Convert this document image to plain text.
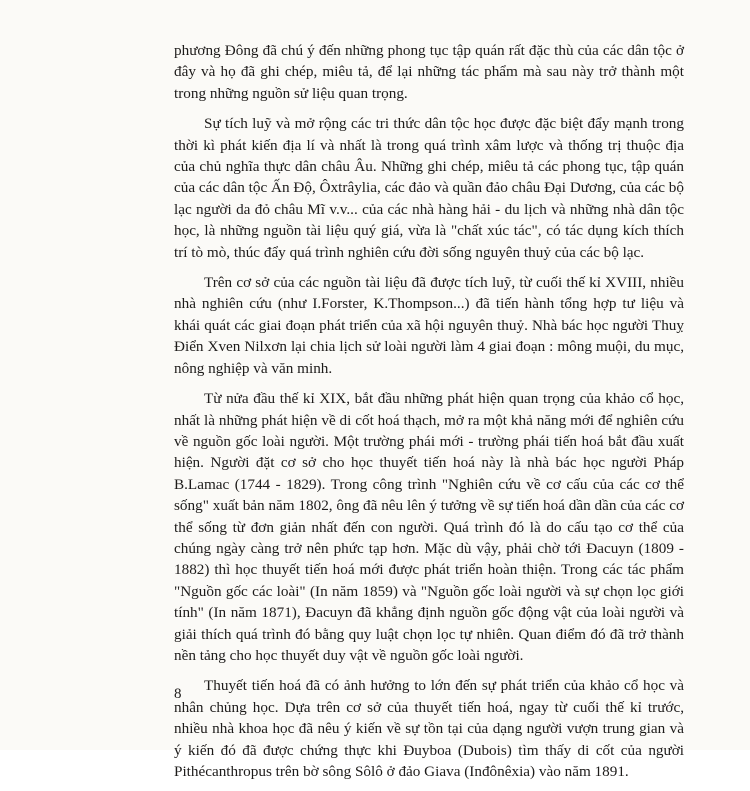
phương Đông đã chú ý đến những phong tục tập quán rất đặc thù của các dân tộc ở đây và họ đã ghi chép, miêu tả, để lại những tác phẩm mà sau này trở thành một trong những nguồn sử liệu quan trọng.

Sự tích luỹ và mở rộng các tri thức dân tộc học được đặc biệt đẩy mạnh trong thời kì phát kiến địa lí và nhất là trong quá trình xâm lược và thống trị thuộc địa của chủ nghĩa thực dân châu Âu. Những ghi chép, miêu tả các phong tục, tập quán của các dân tộc Ấn Độ, Ôxtrâylia, các đảo và quần đảo châu Đại Dương, của các bộ lạc người da đỏ châu Mĩ v.v... của các nhà hàng hải - du lịch và những nhà dân tộc học, là những nguồn tài liệu quý giá, vừa là "chất xúc tác", có tác dụng kích thích trí tò mò, thúc đẩy quá trình nghiên cứu đời sống nguyên thuỷ của các bộ lạc.

Trên cơ sở của các nguồn tài liệu đã được tích luỹ, từ cuối thế kỉ XVIII, nhiều nhà nghiên cứu (như I.Forster, K.Thompson...) đã tiến hành tổng hợp tư liệu và khái quát các giai đoạn phát triển của xã hội nguyên thuỷ. Nhà bác học người Thuỵ Điển Xven Nilxơn lại chia lịch sử loài người làm 4 giai đoạn : mông muội, du mục, nông nghiệp và văn minh.

Từ nửa đầu thế kỉ XIX, bắt đầu những phát hiện quan trọng của khảo cổ học, nhất là những phát hiện về di cốt hoá thạch, mở ra một khả năng mới để nghiên cứu về nguồn gốc loài người. Một trường phái mới - trường phái tiến hoá bắt đầu xuất hiện. Người đặt cơ sở cho học thuyết tiến hoá này là nhà bác học người Pháp B.Lamac (1744 - 1829). Trong công trình "Nghiên cứu về cơ cấu của các cơ thể sống" xuất bản năm 1802, ông đã nêu lên ý tưởng về sự tiến hoá dần dần của các cơ thể sống từ đơn giản nhất đến con người. Quá trình đó là do cấu tạo cơ thể của chúng ngày càng trở nên phức tạp hơn. Mặc dù vậy, phải chờ tới Đacuyn (1809 - 1882) thì học thuyết tiến hoá mới được phát triển hoàn thiện. Trong các tác phẩm "Nguồn gốc các loài" (In năm 1859) và "Nguồn gốc loài người và sự chọn lọc giới tính" (In năm 1871), Đacuyn đã khẳng định nguồn gốc động vật của loài người và giải thích quá trình đó bằng quy luật chọn lọc tự nhiên. Quan điểm đó đã trở thành nền tảng cho học thuyết duy vật về nguồn gốc loài người.

Thuyết tiến hoá đã có ảnh hưởng to lớn đến sự phát triển của khảo cổ học và nhân chủng học. Dựa trên cơ sở của thuyết tiến hoá, ngay từ cuối thế kỉ trước, nhiều nhà khoa học đã nêu ý kiến về sự tồn tại của dạng người vượn trung gian và ý kiến đó đã được chứng thực khi Đuyboa (Dubois) tìm thấy di cốt của người Pithécanthropus trên bờ sông Sôlô ở đảo Giava (Inđônêxia) vào năm 1891.

8
